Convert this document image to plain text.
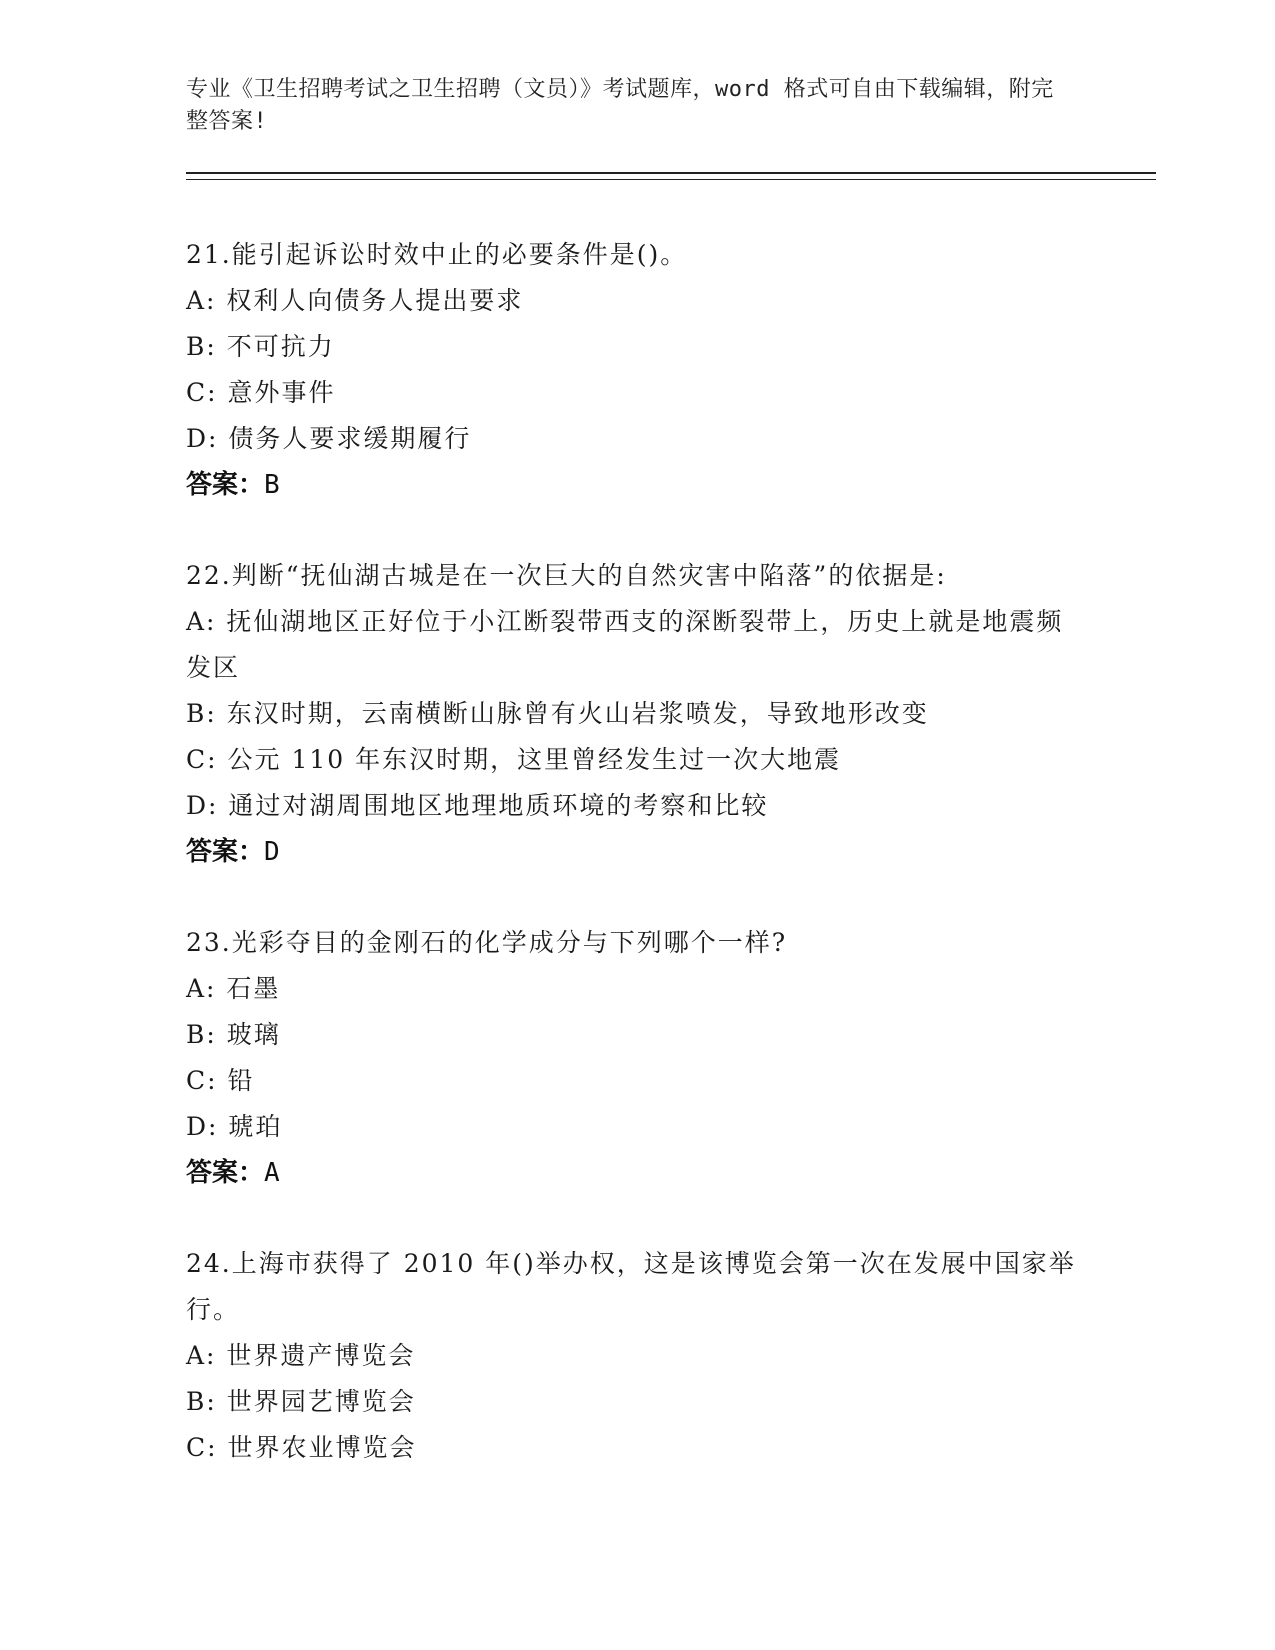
专业《卫生招聘考试之卫生招聘（文员）》考试题库，word 格式可自由下载编辑，附完整答案!
21.能引起诉讼时效中止的必要条件是()。
A: 权利人向债务人提出要求
B: 不可抗力
C: 意外事件
D: 债务人要求缓期履行
答案：B
22.判断“抚仙湖古城是在一次巨大的自然灾害中陷落”的依据是:
A: 抚仙湖地区正好位于小江断裂带西支的深断裂带上，历史上就是地震频发区
B: 东汉时期，云南横断山脉曾有火山岩浆喷发，导致地形改变
C: 公元 110 年东汉时期，这里曾经发生过一次大地震
D: 通过对湖周围地区地理地质环境的考察和比较
答案：D
23.光彩夺目的金刚石的化学成分与下列哪个一样?
A: 石墨
B: 玻璃
C: 铅
D: 琥珀
答案：A
24.上海市获得了 2010 年()举办权，这是该博览会第一次在发展中国家举行。
A: 世界遗产博览会
B: 世界园艺博览会
C: 世界农业博览会
